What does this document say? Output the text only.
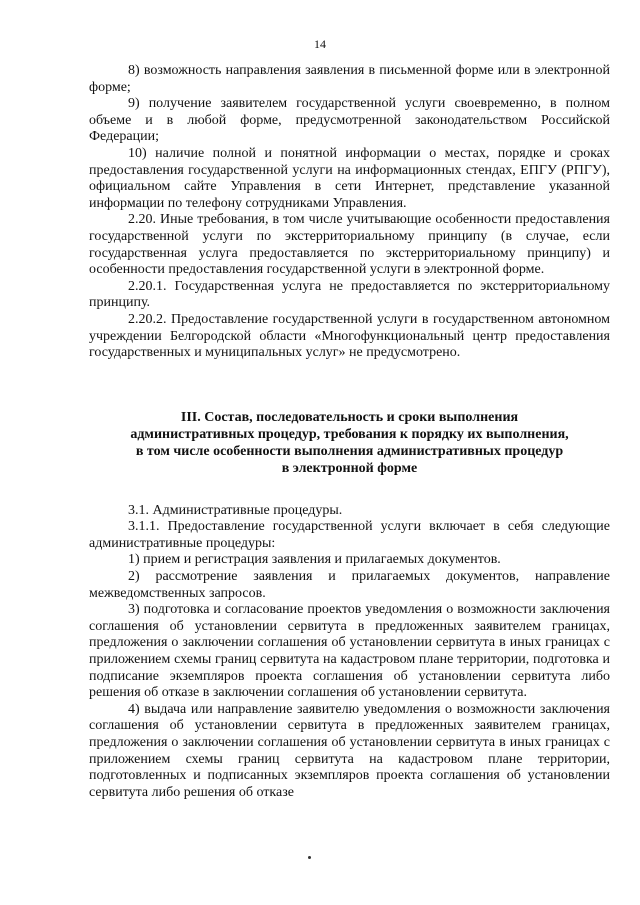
14

8) возможность направления заявления в письменной форме или в электронной форме;

9) получение заявителем государственной услуги своевременно, в полном объеме и в любой форме, предусмотренной законодательством Российской Федерации;

10) наличие полной и понятной информации о местах, порядке и сроках предоставления государственной услуги на информационных стендах, ЕПГУ (РПГУ), официальном сайте Управления в сети Интернет, представление указанной информации по телефону сотрудниками Управления.

2.20. Иные требования, в том числе учитывающие особенности предоставления государственной услуги по экстерриториальному принципу (в случае, если государственная услуга предоставляется по экстерриториальному принципу) и особенности предоставления государственной услуги в электронной форме.

2.20.1. Государственная услуга не предоставляется по экстерриториальному принципу.

2.20.2. Предоставление государственной услуги в государственном автономном учреждении Белгородской области «Многофункциональный центр предоставления государственных и муниципальных услуг» не предусмотрено.

III. Состав, последовательность и сроки выполнения
административных процедур, требования к порядку их выполнения,
в том числе особенности выполнения административных процедур
в электронной форме

3.1. Административные процедуры.

3.1.1. Предоставление государственной услуги включает в себя следующие административные процедуры:

1) прием и регистрация заявления и прилагаемых документов.

2) рассмотрение заявления и прилагаемых документов, направление межведомственных запросов.

3) подготовка и согласование проектов уведомления о возможности заключения соглашения об установлении сервитута в предложенных заявителем границах, предложения о заключении соглашения об установлении сервитута в иных границах с приложением схемы границ сервитута на кадастровом плане территории, подготовка и подписание экземпляров проекта соглашения об установлении сервитута либо решения об отказе в заключении соглашения об установлении сервитута.

4) выдача или направление заявителю уведомления о возможности заключения соглашения об установлении сервитута в предложенных заявителем границах, предложения о заключении соглашения об установлении сервитута в иных границах с приложением схемы границ сервитута на кадастровом плане территории, подготовленных и подписанных экземпляров проекта соглашения об установлении сервитута либо решения об отказе
